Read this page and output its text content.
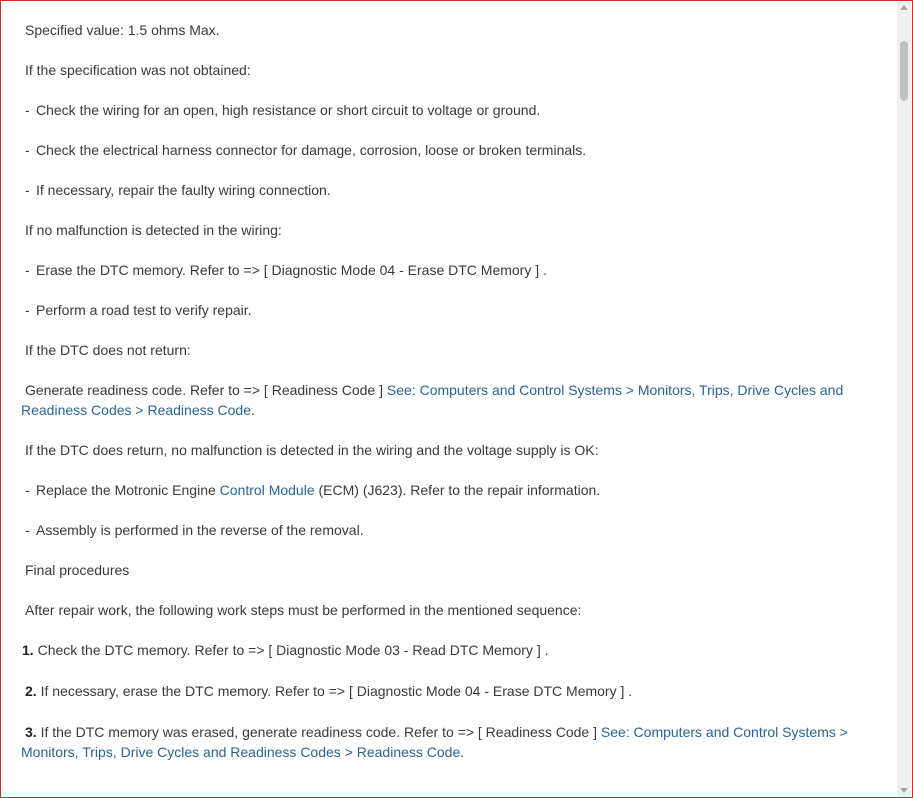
Specified value: 1.5 ohms Max.
If the specification was not obtained:
- Check the wiring for an open, high resistance or short circuit to voltage or ground.
- Check the electrical harness connector for damage, corrosion, loose or broken terminals.
- If necessary, repair the faulty wiring connection.
If no malfunction is detected in the wiring:
- Erase the DTC memory. Refer to => [ Diagnostic Mode 04 - Erase DTC Memory ] .
- Perform a road test to verify repair.
If the DTC does not return:
Generate readiness code. Refer to => [ Readiness Code ] See: Computers and Control Systems > Monitors, Trips, Drive Cycles and Readiness Codes > Readiness Code.
If the DTC does return, no malfunction is detected in the wiring and the voltage supply is OK:
- Replace the Motronic Engine Control Module (ECM) (J623). Refer to the repair information.
- Assembly is performed in the reverse of the removal.
Final procedures
After repair work, the following work steps must be performed in the mentioned sequence:
1. Check the DTC memory. Refer to => [ Diagnostic Mode 03 - Read DTC Memory ] .
2. If necessary, erase the DTC memory. Refer to => [ Diagnostic Mode 04 - Erase DTC Memory ] .
3. If the DTC memory was erased, generate readiness code. Refer to => [ Readiness Code ] See: Computers and Control Systems > Monitors, Trips, Drive Cycles and Readiness Codes > Readiness Code.
